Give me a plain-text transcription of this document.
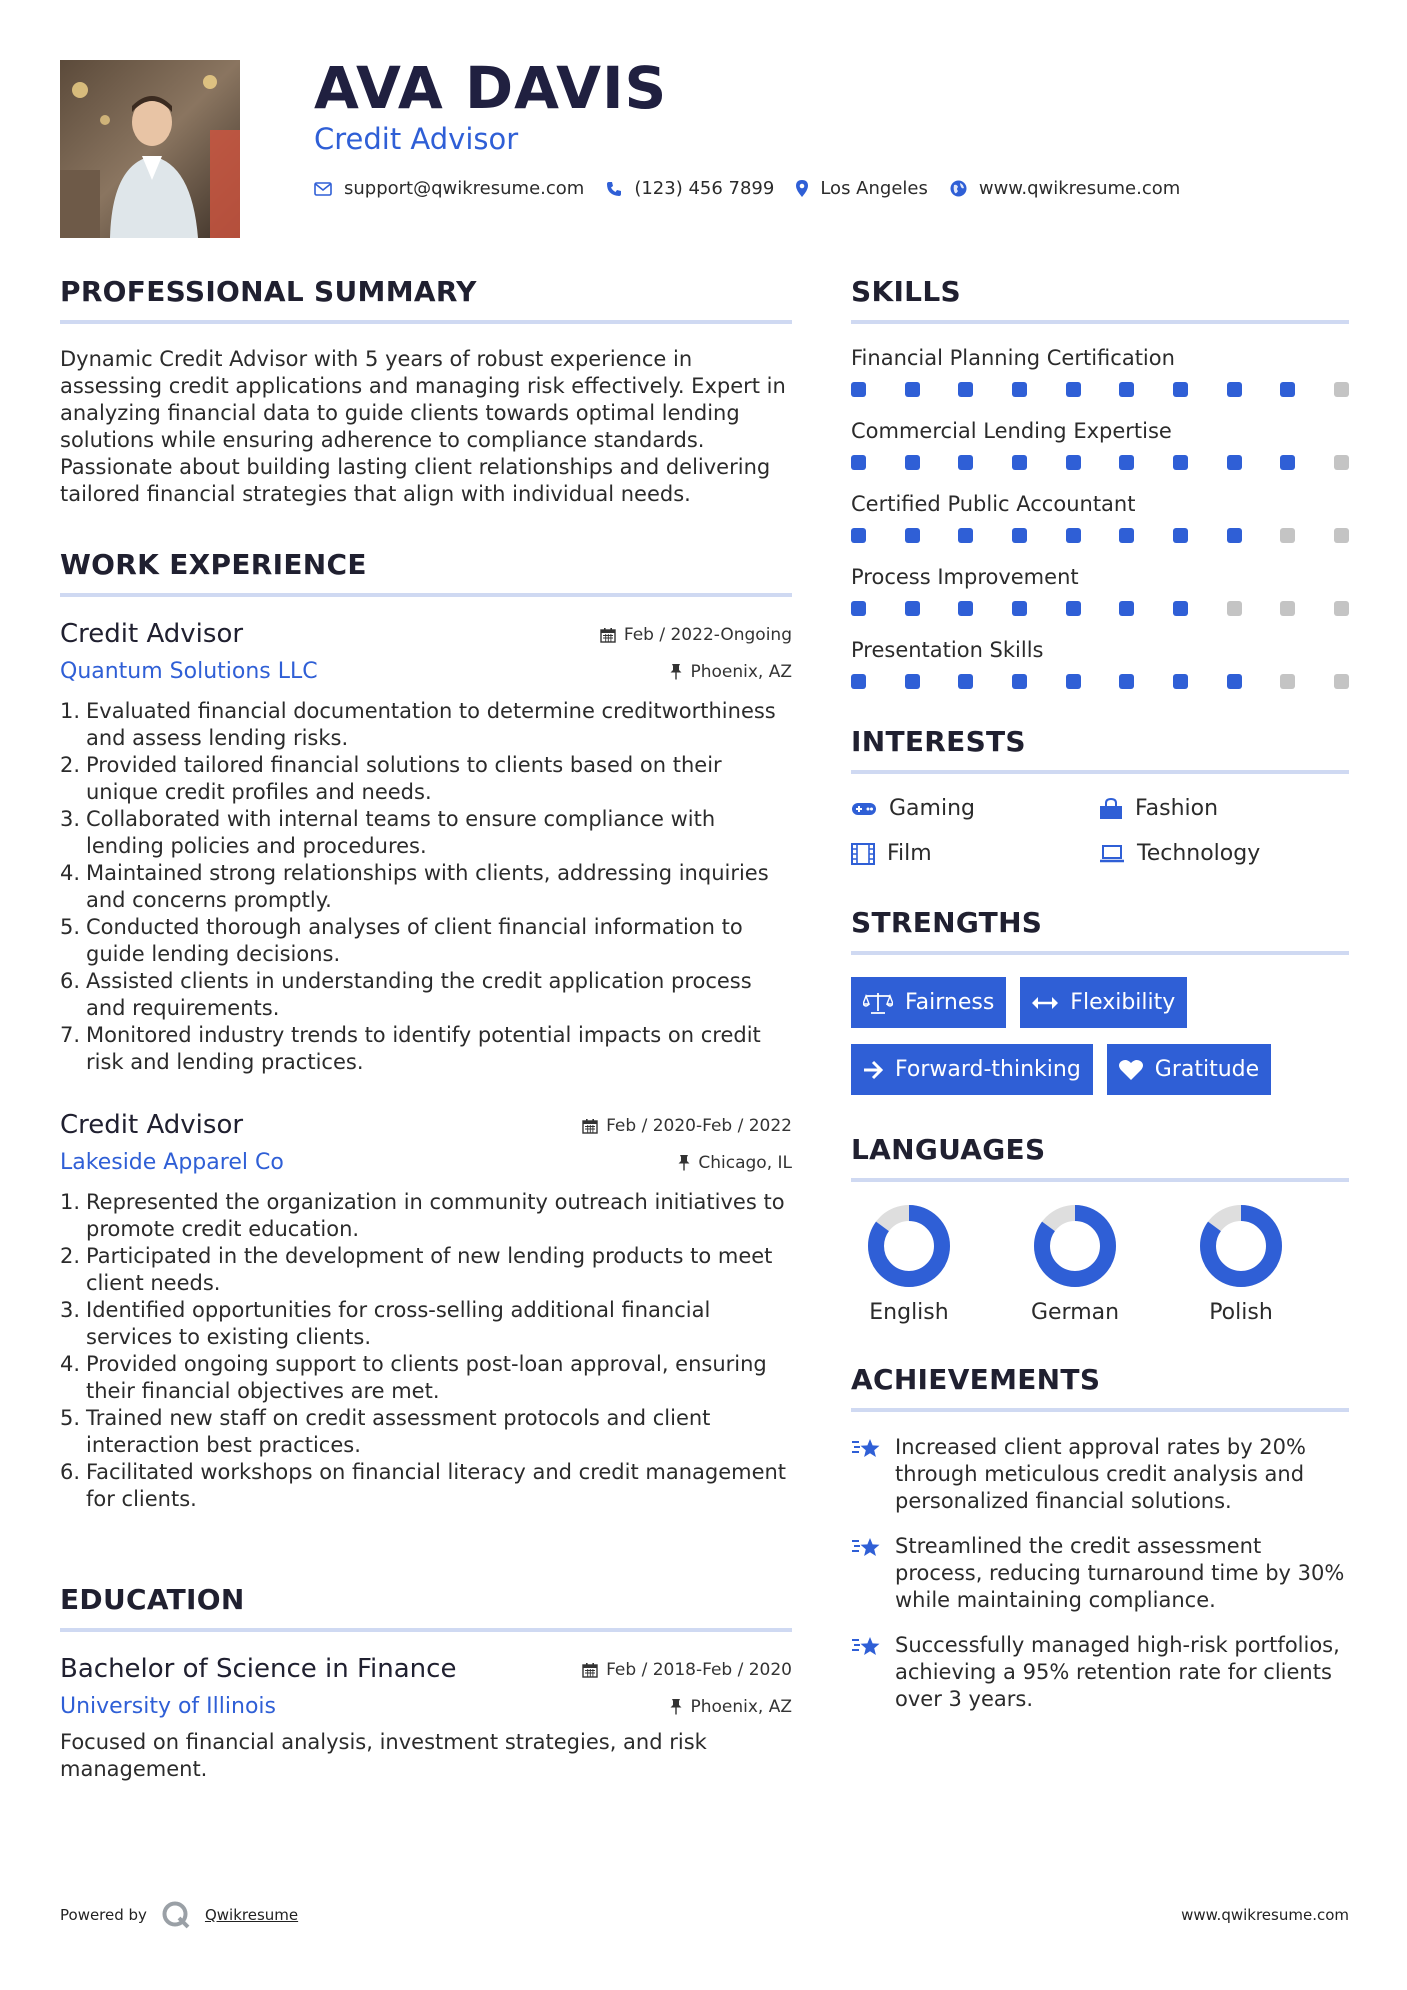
AVA DAVIS
Credit Advisor
support@qwikresume.com	(123) 456 7899	Los Angeles	www.qwikresume.com
PROFESSIONAL SUMMARY

Dynamic Credit Advisor with 5 years of robust experience in assessing credit applications and managing risk effectively. Expert in analyzing financial data to guide clients towards optimal lending solutions while ensuring adherence to compliance standards. Passionate about building lasting client relationships and delivering tailored financial strategies that align with individual needs.

WORK EXPERIENCE
Credit Advisor	Feb / 2022-Ongoing
Quantum Solutions LLC	Phoenix, AZ
1. Evaluated financial documentation to determine creditworthiness and assess lending risks.
2. Provided tailored financial solutions to clients based on their unique credit profiles and needs.
3. Collaborated with internal teams to ensure compliance with lending policies and procedures.
4. Maintained strong relationships with clients, addressing inquiries and concerns promptly.
5. Conducted thorough analyses of client financial information to guide lending decisions.
6. Assisted clients in understanding the credit application process and requirements.
7. Monitored industry trends to identify potential impacts on credit risk and lending practices.
Credit Advisor	Feb / 2020-Feb / 2022
Lakeside Apparel Co	Chicago, IL
1. Represented the organization in community outreach initiatives to promote credit education.
2. Participated in the development of new lending products to meet client needs.
3. Identified opportunities for cross-selling additional financial services to existing clients.
4. Provided ongoing support to clients post-loan approval, ensuring their financial objectives are met.
5. Trained new staff on credit assessment protocols and client interaction best practices.
6. Facilitated workshops on financial literacy and credit management for clients.
EDUCATION
Bachelor of Science in Finance	Feb / 2018-Feb / 2020
University of Illinois	Phoenix, AZ

Focused on financial analysis, investment strategies, and risk management.

SKILLS
Financial Planning Certification
Commercial Lending Expertise
Certified Public Accountant
Process Improvement
Presentation Skills
INTERESTS
Gaming	Fashion
Film	Technology
STRENGTHS
Fairness	Flexibility
Forward-thinking	Gratitude
LANGUAGES
English	German	Polish
ACHIEVEMENTS
Increased client approval rates by 20% through meticulous credit analysis and personalized financial solutions.
Streamlined the credit assessment process, reducing turnaround time by 30% while maintaining compliance.
Successfully managed high-risk portfolios, achieving a 95% retention rate for clients over 3 years.
Powered by	Qwikresume	www.qwikresume.com
